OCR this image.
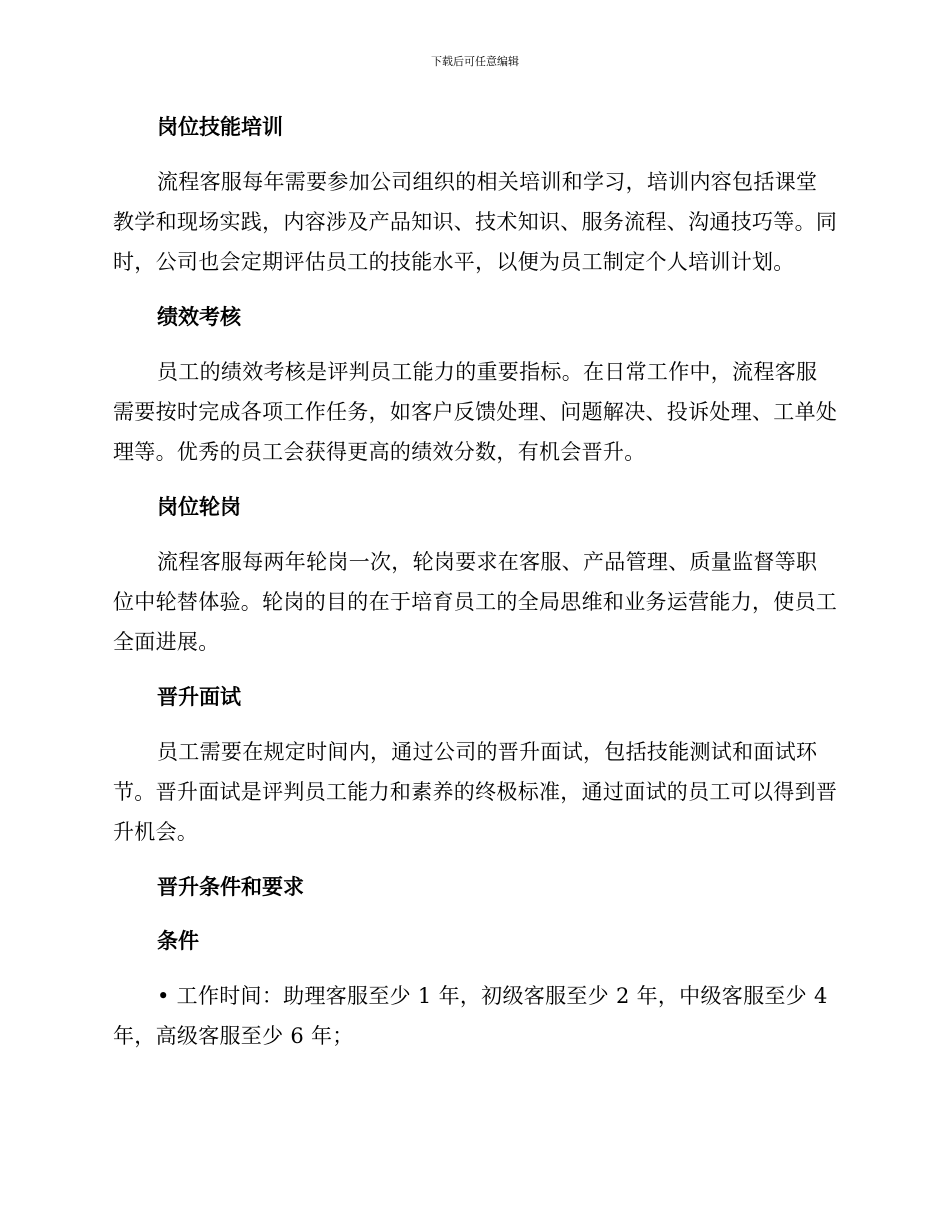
下载后可任意编辑
岗位技能培训

流程客服每年需要参加公司组织的相关培训和学习，培训内容包括课堂教学和现场实践，内容涉及产品知识、技术知识、服务流程、沟通技巧等。同时，公司也会定期评估员工的技能水平，以便为员工制定个人培训计划。

绩效考核

员工的绩效考核是评判员工能力的重要指标。在日常工作中，流程客服需要按时完成各项工作任务，如客户反馈处理、问题解决、投诉处理、工单处理等。优秀的员工会获得更高的绩效分数，有机会晋升。

岗位轮岗

流程客服每两年轮岗一次，轮岗要求在客服、产品管理、质量监督等职位中轮替体验。轮岗的目的在于培育员工的全局思维和业务运营能力，使员工全面进展。

晋升面试

员工需要在规定时间内，通过公司的晋升面试，包括技能测试和面试环节。晋升面试是评判员工能力和素养的终极标准，通过面试的员工可以得到晋升机会。

晋升条件和要求
条件

• 工作时间：助理客服至少 1 年，初级客服至少 2 年，中级客服至少 4 年，高级客服至少 6 年；
